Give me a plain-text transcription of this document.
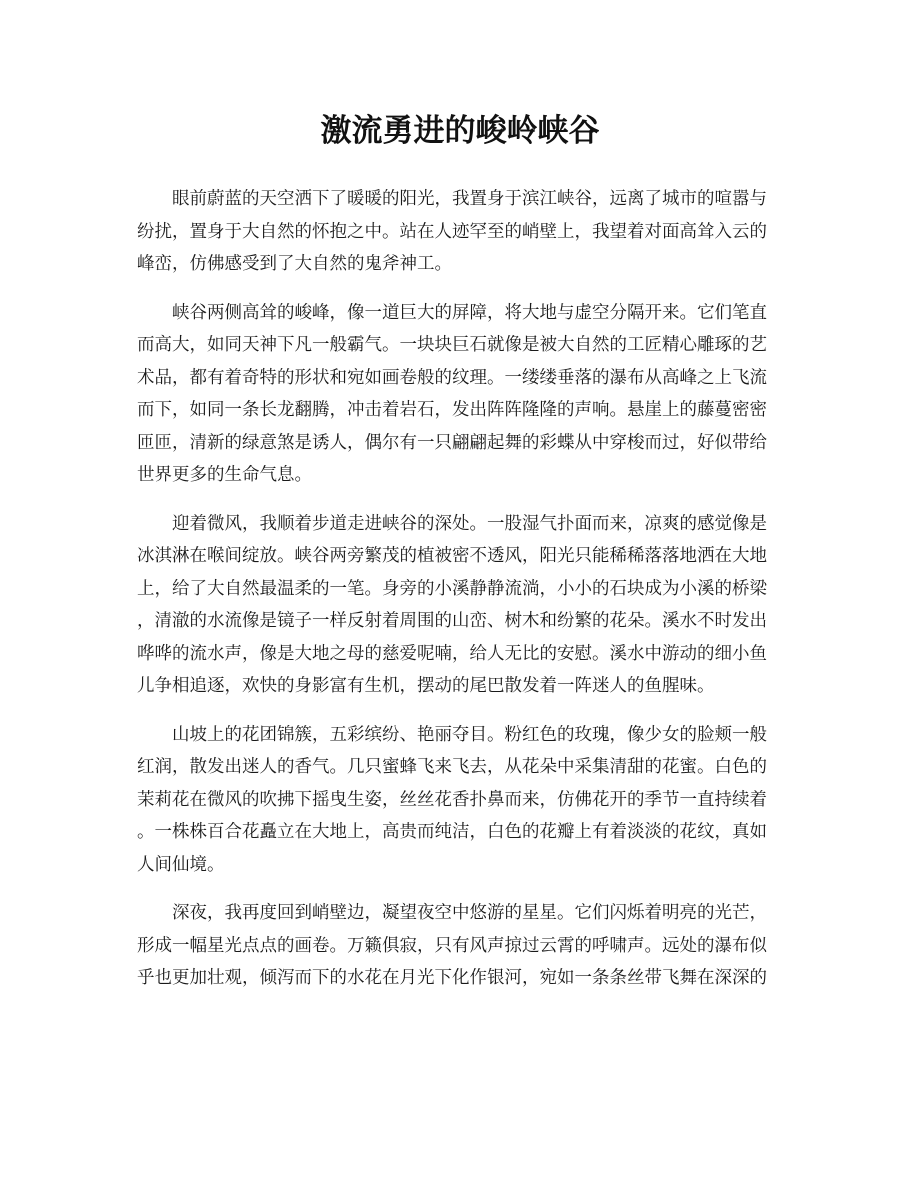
激流勇进的峻岭峡谷

眼前蔚蓝的天空洒下了暖暖的阳光，我置身于滨江峡谷，远离了城市的喧嚣与
纷扰，置身于大自然的怀抱之中。站在人迹罕至的峭壁上，我望着对面高耸入云的
峰峦，仿佛感受到了大自然的鬼斧神工。

峡谷两侧高耸的峻峰，像一道巨大的屏障，将大地与虚空分隔开来。它们笔直
而高大，如同天神下凡一般霸气。一块块巨石就像是被大自然的工匠精心雕琢的艺
术品，都有着奇特的形状和宛如画卷般的纹理。一缕缕垂落的瀑布从高峰之上飞流
而下，如同一条长龙翻腾，冲击着岩石，发出阵阵隆隆的声响。悬崖上的藤蔓密密
匝匝，清新的绿意煞是诱人，偶尔有一只翩翩起舞的彩蝶从中穿梭而过，好似带给
世界更多的生命气息。

迎着微风，我顺着步道走进峡谷的深处。一股湿气扑面而来，凉爽的感觉像是
冰淇淋在喉间绽放。峡谷两旁繁茂的植被密不透风，阳光只能稀稀落落地洒在大地
上，给了大自然最温柔的一笔。身旁的小溪静静流淌，小小的石块成为小溪的桥梁
，清澈的水流像是镜子一样反射着周围的山峦、树木和纷繁的花朵。溪水不时发出
哗哗的流水声，像是大地之母的慈爱呢喃，给人无比的安慰。溪水中游动的细小鱼
儿争相追逐，欢快的身影富有生机，摆动的尾巴散发着一阵迷人的鱼腥味。

山坡上的花团锦簇，五彩缤纷、艳丽夺目。粉红色的玫瑰，像少女的脸颊一般
红润，散发出迷人的香气。几只蜜蜂飞来飞去，从花朵中采集清甜的花蜜。白色的
茉莉花在微风的吹拂下摇曳生姿，丝丝花香扑鼻而来，仿佛花开的季节一直持续着
。一株株百合花矗立在大地上，高贵而纯洁，白色的花瓣上有着淡淡的花纹，真如
人间仙境。

深夜，我再度回到峭壁边，凝望夜空中悠游的星星。它们闪烁着明亮的光芒，
形成一幅星光点点的画卷。万籁俱寂，只有风声掠过云霄的呼啸声。远处的瀑布似
乎也更加壮观，倾泻而下的水花在月光下化作银河，宛如一条条丝带飞舞在深深的
